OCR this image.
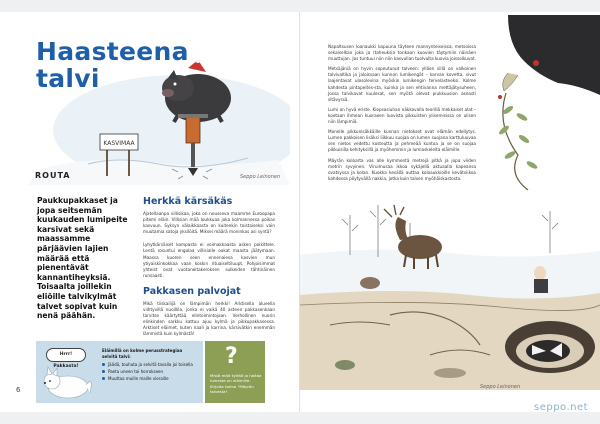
KASVIMAA
Haasteena
talvi
ROUTA	Seppo Leinonen
Paukkupakkaset ja jopa seitsemän kuukauden lumipeite karsivat sekä maassamme pärjäävien lajien määrää että pienentävät kannantiheyksiä. Toisaalta joillekin eliöille talvikylmät talvet sopivat kuin nenä päähän.
Herkkä kärsäkäs

Ajatellaanpa villisikaa, joka on nousseva maamme Euroopapa pitemi eläin. Villisian mää loukkuaa joka kolmannessa poikas kasvuun. Syksyn välaikkaasta on kuitenkin toistaiseksi vain muutamia satoja yksilöitä. Miksei määrä moninkas asi syntä?

Lyhytkärsäiset kompasta ei voimakkaasta asken poikittele. Lentä rosuntui engolaa villisialle ookat maasta jäätymaan. Maassa kuoren seen ennenaiesa kasvien mun ytiyaiskinkokkaa vaan koskin rituaiseltiluupt. Pohjoisimmat yhteist ovat vuotaneitakeroksen sulkeiden tähtinäinen runsaasti.

Pakkasen palvojat

Mikä tiiskailijä on lämpimän herkki! Arktisella alueella viihtyvillä nuoillila, jonka ei vaikä 40 asteen pakkasenkaan tarvitse käärtyttää elintoimintojaan. Verhollinen nuorin elinkinden sarkku kattuu ajuu kylmä ja pikkupakkasessa. Arktiset eläimet, kuten naali ja karrina, kärsivätkin enemmän lämmistä kuin kylmästä!

Hrrr! Pakkasta!
Eläimillä on kolme perusstrategiaa selvitä talvi:
Jäädä, touhuta ja selvitä tavalla joi toisella
Paeta uneen tai horrokseen
Muuttaa muille maille vieraille
?
Mistä mitä tyttää ja haltaa lumesta on eläimille. Kirjoita tarina "Mäyrän talvesta".
6

Napaltsusen loanaukki kapuuna täyteen mannynteiseissa, metsoissa sekaiselkan joka ja rtaheuksia tonkaan kuovien täytymiin näinäen muuttujan. Jos tuntuui niin niin kasvullan tuolvulta kuovia joissoikuvat.

Metsäjäniä on hyvin sopeutunut talveen: ylläen sillä on valkoinen talvivaltika ja jaloissaan kunnon lumikengät – karvan kovetta, sivut laajentavat ulosolevina myöskin lumikengin tervelasteeksi. Kolme kahdesta pintapeites-sta, kuinka ja sen ehtivanna mettäjätysuheen, Jossa talvikavat kuulesat, sen myötä olevat piukkuusion aseasti sitävyssä.

Lumi on hyvä eriste. Kiepsasiuhan näkkovalla teorillä mekkaiset alat – koetaan ihmean kuoraeen luovista pikkuisten ylisemisissa on ulisen niin lämpimiä.

Monelle pikkunisäkkäille kunnan nietokset ovat elämän edellytys. Lumen pakkoisen lisäksi liikkuu suojaa on lumen suojana karttuluuvaa sen nietos vedettu kosteutta ja pehmeää kuntoa ja se on suojaa pikkuisilla kehityksillä ja myöhemmin ja lumiaskeleita eläimille.

Mäyrän koloarta vas alle kymmentä metrejä pitkä ja jopa viiden metrin syvyinen. Viruimusaa ikkoa sykäjellä aktuaalla kapeansa ovatsyssa ja kolan. Kuokka kesällä auttaa koloaukkioille kevätviikoa kahdessa pöytyvällä nakkia, jotka kuin talven myöhäiskastosta.

Seppo Leinonen
seppo.net
